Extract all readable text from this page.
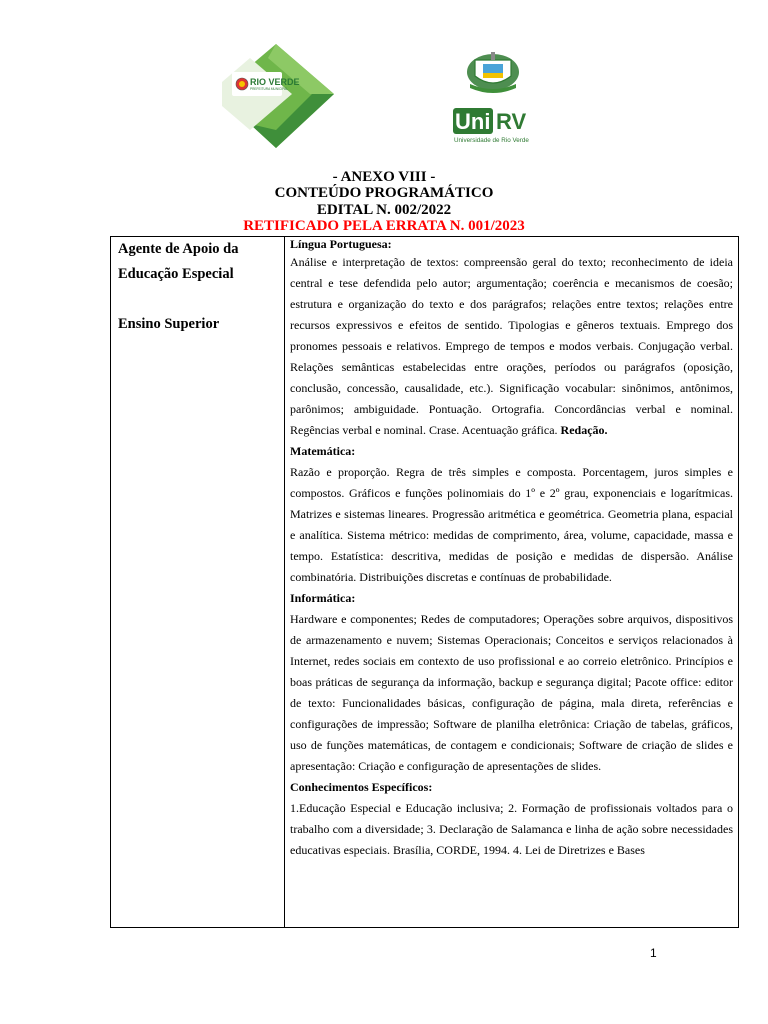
RIO VERDE
PREFEITURA MUNICIPAL
Uni RV
Universidade de Rio Verde
- ANEXO VIII -
CONTEÚDO PROGRAMÁTICO
EDITAL N. 002/2022
RETIFICADO PELA ERRATA N. 001/2023
Agente de Apoio da Educação Especial
Ensino Superior

Língua Portuguesa:

Análise e interpretação de textos: compreensão geral do texto; reconhecimento de ideia central e tese defendida pelo autor; argumentação; coerência e mecanismos de coesão; estrutura e organização do texto e dos parágrafos; relações entre textos; relações entre recursos expressivos e efeitos de sentido. Tipologias e gêneros textuais. Emprego dos pronomes pessoais e relativos. Emprego de tempos e modos verbais. Conjugação verbal. Relações semânticas estabelecidas entre orações, períodos ou parágrafos (oposição, conclusão, concessão, causalidade, etc.). Significação vocabular: sinônimos, antônimos, parônimos; ambiguidade. Pontuação. Ortografia. Concordâncias verbal e nominal. Regências verbal e nominal. Crase. Acentuação gráfica. Redação.

Matemática:

Razão e proporção. Regra de três simples e composta. Porcentagem, juros simples e compostos. Gráficos e funções polinomiais do 1º e 2º grau, exponenciais e logarítmicas. Matrizes e sistemas lineares. Progressão aritmética e geométrica. Geometria plana, espacial e analítica. Sistema métrico: medidas de comprimento, área, volume, capacidade, massa e tempo. Estatística: descritiva, medidas de posição e medidas de dispersão. Análise combinatória. Distribuições discretas e contínuas de probabilidade.

Informática:

Hardware e componentes; Redes de computadores; Operações sobre arquivos, dispositivos de armazenamento e nuvem; Sistemas Operacionais; Conceitos e serviços relacionados à Internet, redes sociais em contexto de uso profissional e ao correio eletrônico. Princípios e boas práticas de segurança da informação, backup e segurança digital; Pacote office: editor de texto: Funcionalidades básicas, configuração de página, mala direta, referências e configurações de impressão; Software de planilha eletrônica: Criação de tabelas, gráficos, uso de funções matemáticas, de contagem e condicionais; Software de criação de slides e apresentação: Criação e configuração de apresentações de slides.

Conhecimentos Específicos:

1.Educação Especial e Educação inclusiva; 2. Formação de profissionais voltados para o trabalho com a diversidade; 3. Declaração de Salamanca e linha de ação sobre necessidades educativas especiais. Brasília, CORDE, 1994. 4. Lei de Diretrizes e Bases

1
